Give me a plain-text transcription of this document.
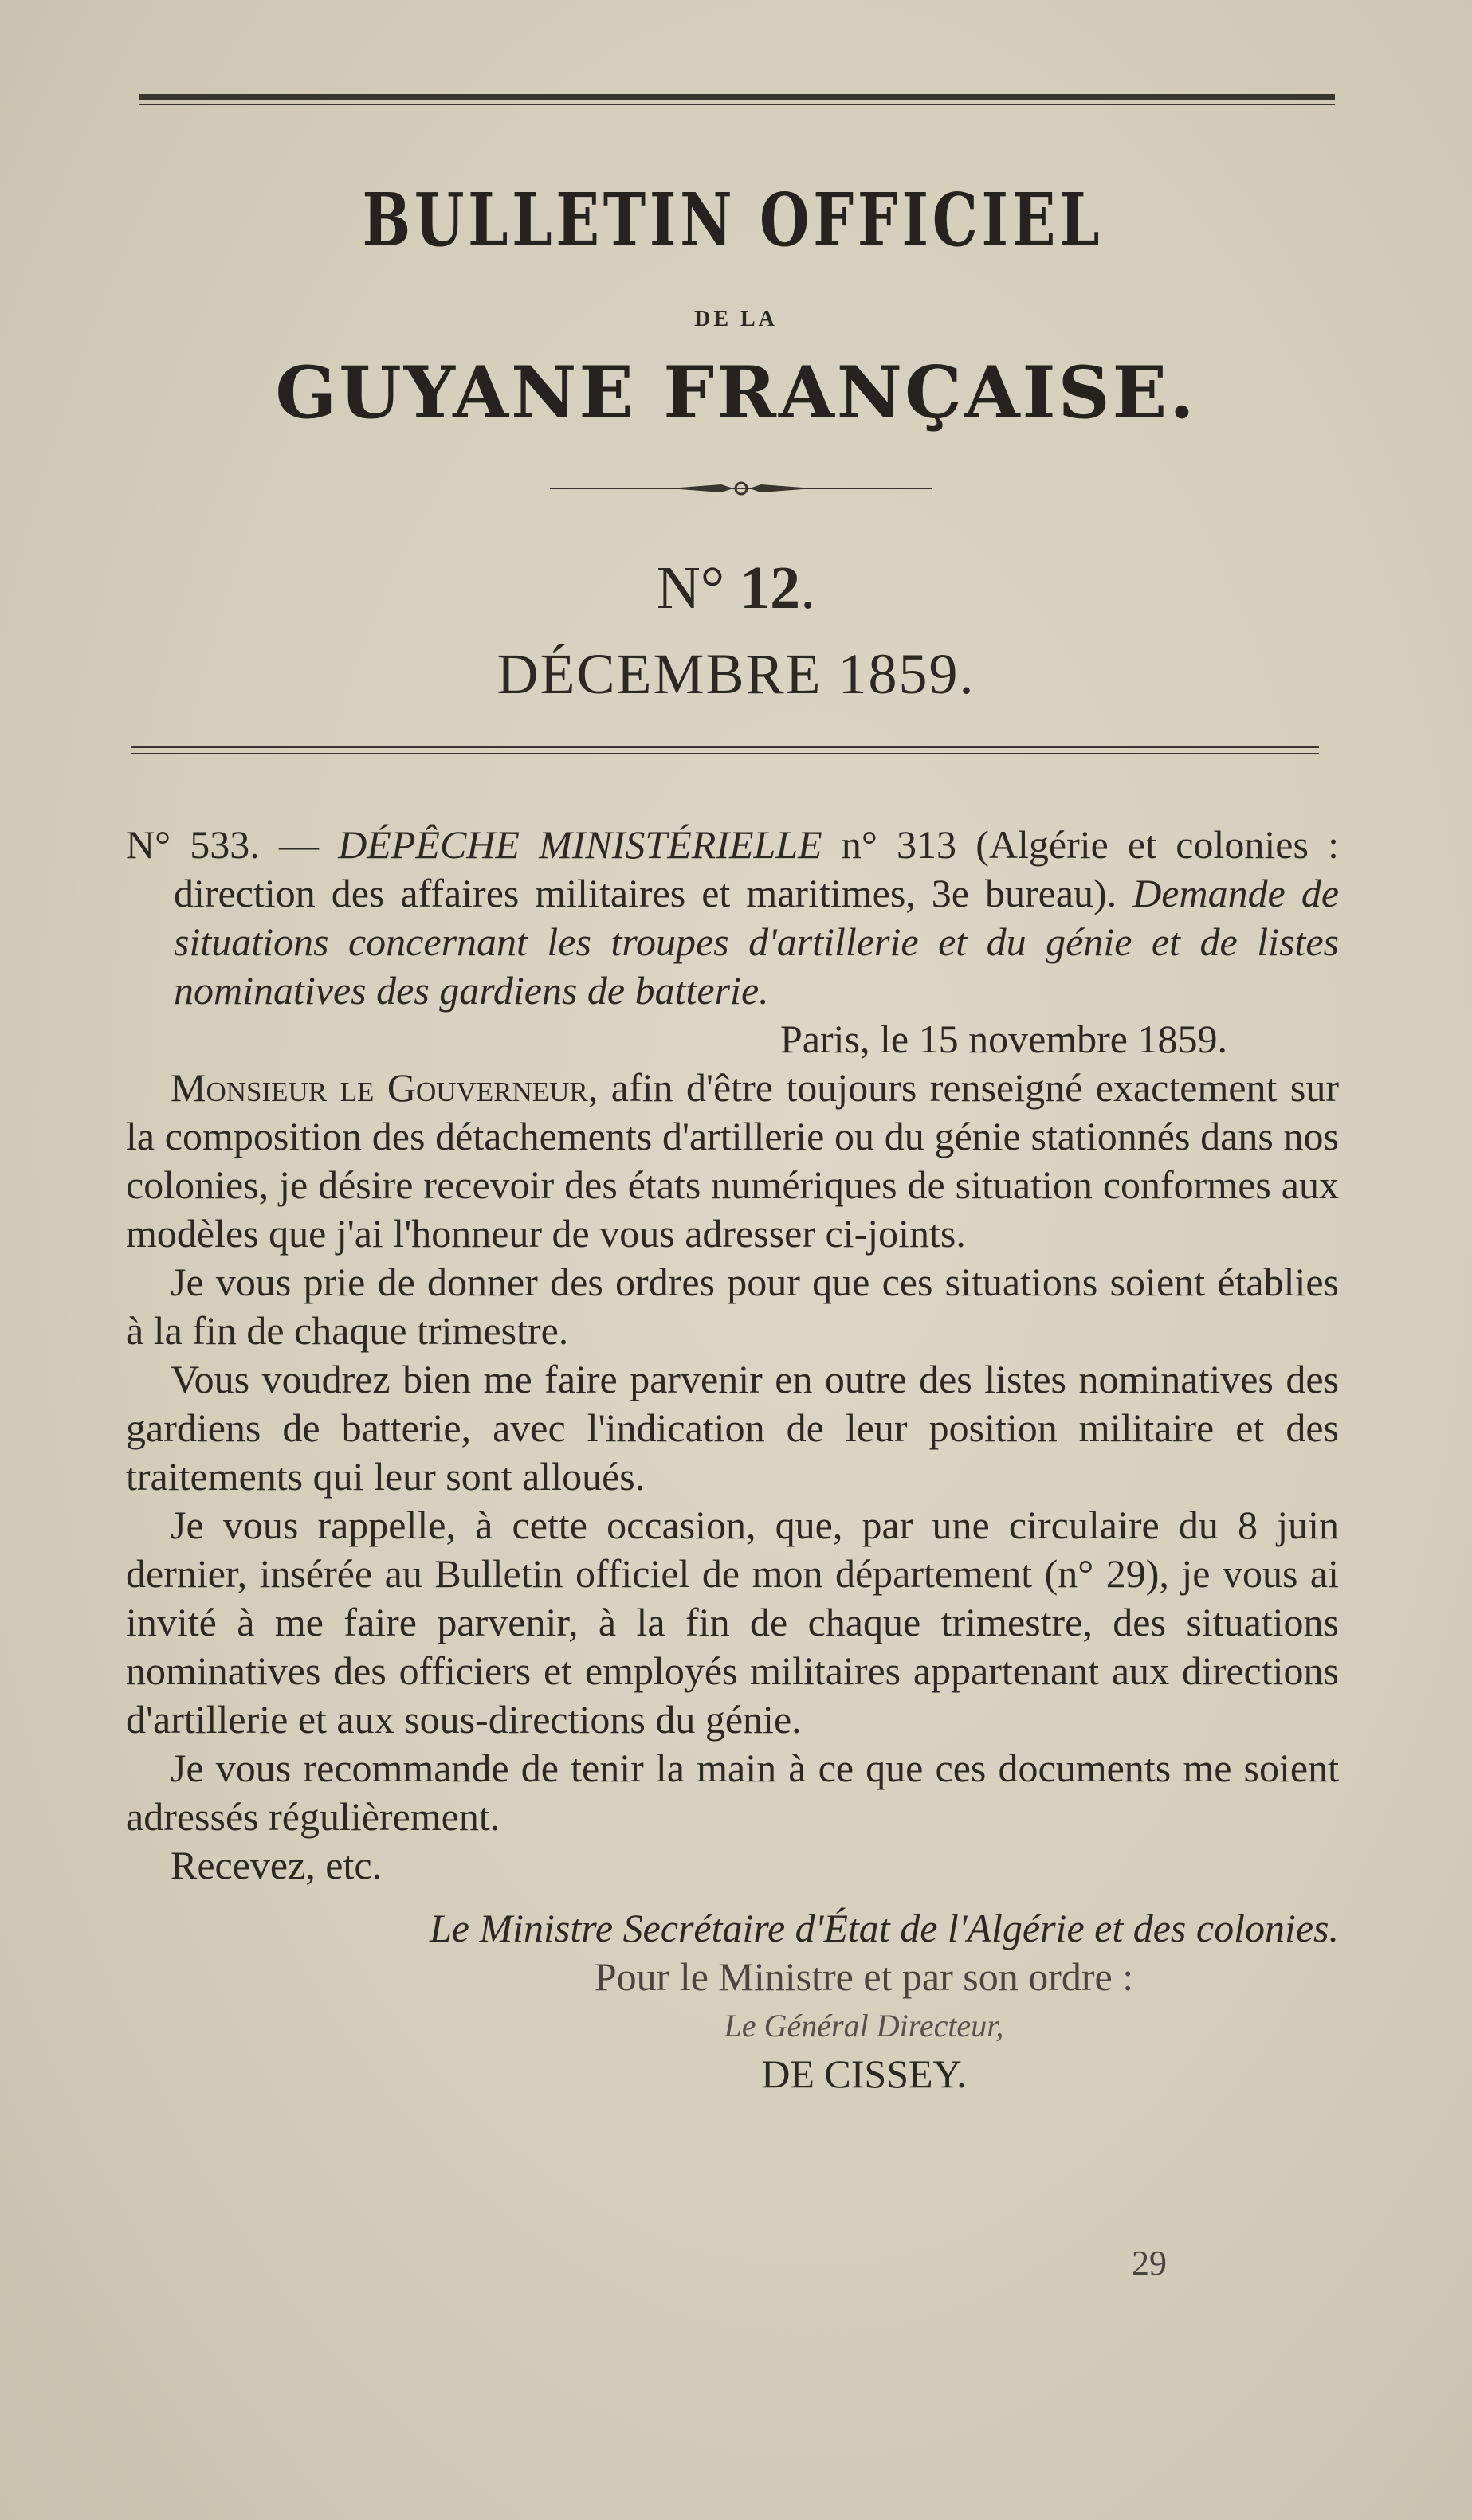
BULLETIN OFFICIEL
DE LA
GUYANE FRANÇAISE.
N° 12.
DÉCEMBRE 1859.

N° 533. — DÉPÊCHE MINISTÉRIELLE n° 313 (Algérie et colonies : direction des affaires militaires et maritimes, 3e bureau). Demande de situations concernant les troupes d'artillerie et du génie et de listes nominatives des gardiens de batterie.

Paris, le 15 novembre 1859.

Monsieur le Gouverneur, afin d'être toujours renseigné exactement sur la composition des détachements d'artillerie ou du génie stationnés dans nos colonies, je désire recevoir des états numériques de situation conformes aux modèles que j'ai l'honneur de vous adresser ci-joints.

Je vous prie de donner des ordres pour que ces situations soient établies à la fin de chaque trimestre.

Vous voudrez bien me faire parvenir en outre des listes nominatives des gardiens de batterie, avec l'indication de leur position militaire et des traitements qui leur sont alloués.

Je vous rappelle, à cette occasion, que, par une circulaire du 8 juin dernier, insérée au Bulletin officiel de mon département (n° 29), je vous ai invité à me faire parvenir, à la fin de chaque trimestre, des situations nominatives des officiers et employés militaires appartenant aux directions d'artillerie et aux sous-directions du génie.

Je vous recommande de tenir la main à ce que ces documents me soient adressés régulièrement.

Recevez, etc.

Le Ministre Secrétaire d'État de l'Algérie et des colonies.

Pour le Ministre et par son ordre :

Le Général Directeur,

DE CISSEY.

29
